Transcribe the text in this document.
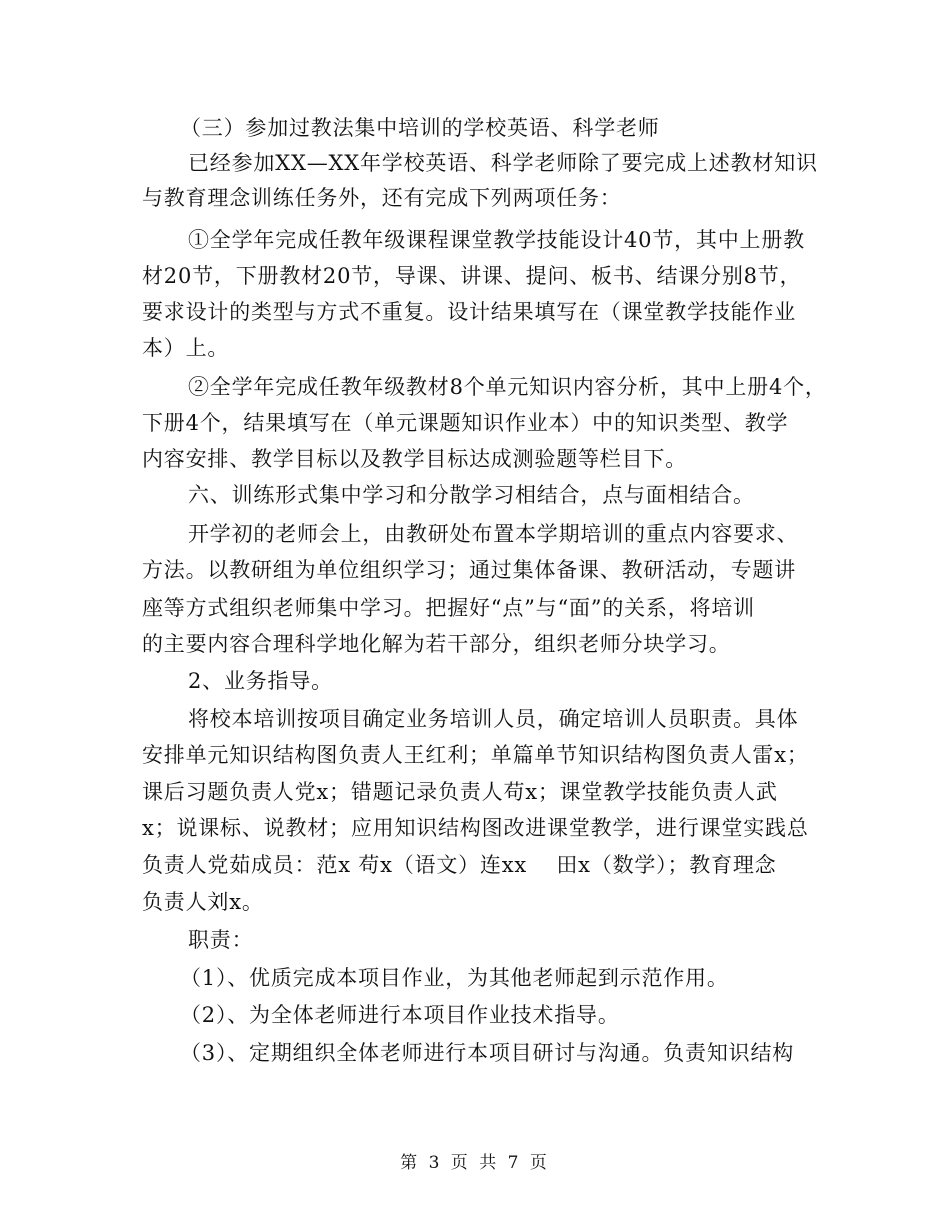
（三）参加过教法集中培训的学校英语、科学老师
已经参加XX—XX年学校英语、科学老师除了要完成上述教材知识
与教育理念训练任务外，还有完成下列两项任务：
①全学年完成任教年级课程课堂教学技能设计40节，其中上册教
材20节，下册教材20节，导课、讲课、提问、板书、结课分别8节，
要求设计的类型与方式不重复。设计结果填写在（课堂教学技能作业
本）上。
②全学年完成任教年级教材8个单元知识内容分析，其中上册4个，
下册4个，结果填写在（单元课题知识作业本）中的知识类型、教学
内容安排、教学目标以及教学目标达成测验题等栏目下。
六、训练形式集中学习和分散学习相结合，点与面相结合。
开学初的老师会上，由教研处布置本学期培训的重点内容要求、
方法。以教研组为单位组织学习；通过集体备课、教研活动，专题讲
座等方式组织老师集中学习。把握好“点”与“面”的关系，将培训
的主要内容合理科学地化解为若干部分，组织老师分块学习。
2、业务指导。
将校本培训按项目确定业务培训人员，确定培训人员职责。具体
安排单元知识结构图负责人王红利；单篇单节知识结构图负责人雷x；
课后习题负责人党x；错题记录负责人苟x；课堂教学技能负责人武
x；说课标、说教材；应用知识结构图改进课堂教学，进行课堂实践总
负责人党茹成员：范x 苟x（语文）连xx　 田x（数学）；教育理念
负责人刘x。
职责：
（1）、优质完成本项目作业，为其他老师起到示范作用。
（2）、为全体老师进行本项目作业技术指导。
（3）、定期组织全体老师进行本项目研讨与沟通。负责知识结构
第 3 页 共 7 页
